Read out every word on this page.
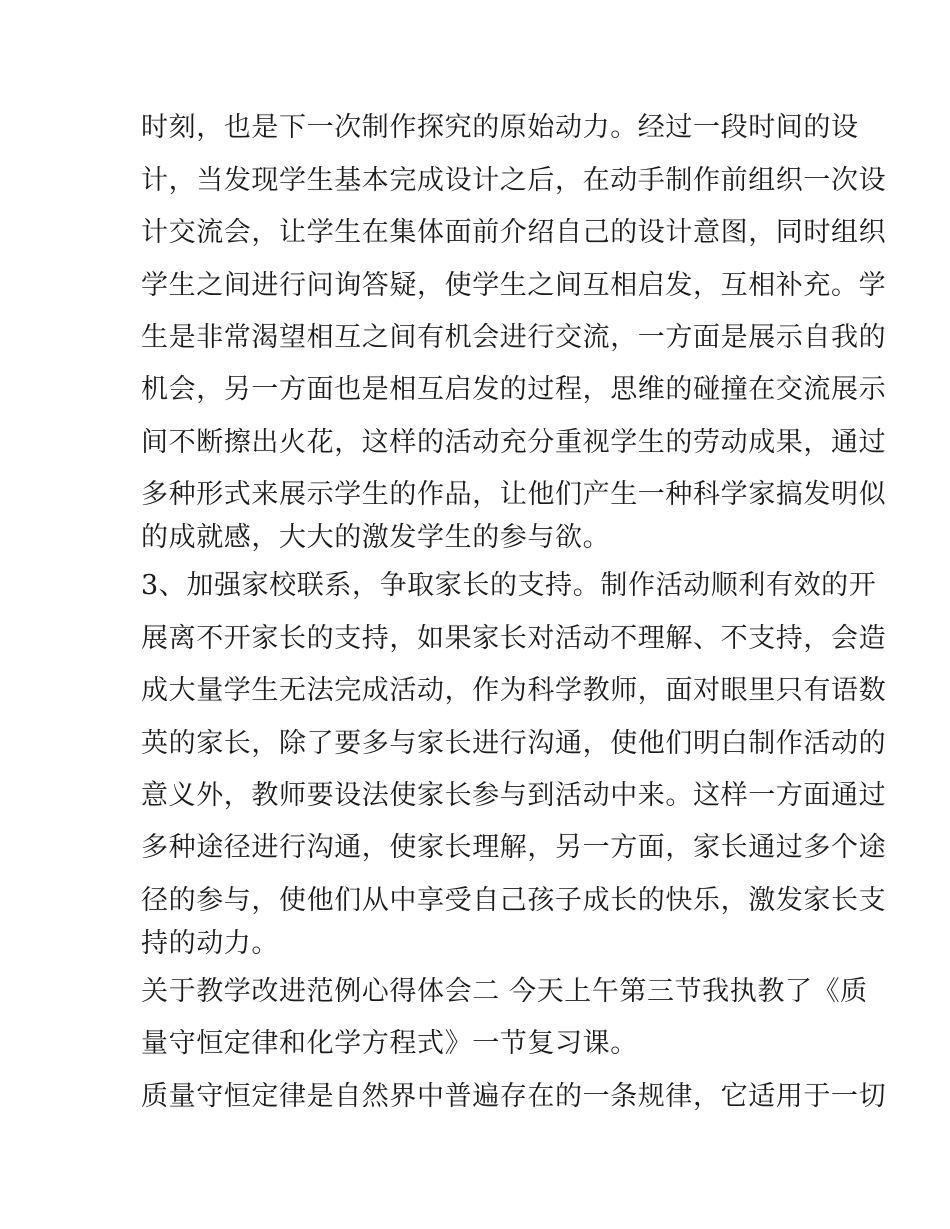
时刻，也是下一次制作探究的原始动力。经过一段时间的设
计，当发现学生基本完成设计之后，在动手制作前组织一次设
计交流会，让学生在集体面前介绍自己的设计意图，同时组织
学生之间进行问询答疑，使学生之间互相启发，互相补充。学
生是非常渴望相互之间有机会进行交流，一方面是展示自我的
机会，另一方面也是相互启发的过程，思维的碰撞在交流展示
间不断擦出火花，这样的活动充分重视学生的劳动成果，通过
多种形式来展示学生的作品，让他们产生一种科学家搞发明似
的成就感，大大的激发学生的参与欲。
3、加强家校联系，争取家长的支持。制作活动顺利有效的开
展离不开家长的支持，如果家长对活动不理解、不支持，会造
成大量学生无法完成活动，作为科学教师，面对眼里只有语数
英的家长，除了要多与家长进行沟通，使他们明白制作活动的
意义外，教师要设法使家长参与到活动中来。这样一方面通过
多种途径进行沟通，使家长理解，另一方面，家长通过多个途
径的参与，使他们从中享受自己孩子成长的快乐，激发家长支
持的动力。
关于教学改进范例心得体会二 今天上午第三节我执教了《质
量守恒定律和化学方程式》一节复习课。
质量守恒定律是自然界中普遍存在的一条规律，它适用于一切
